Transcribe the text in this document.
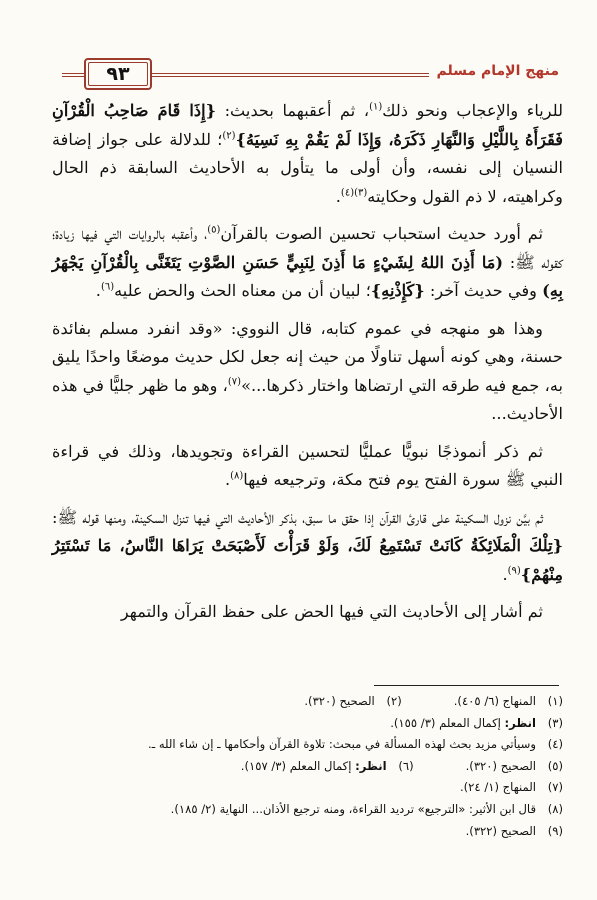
منهج الإمام مسلم
٩٣

للرياء والإعجاب ونحو ذلك$^{(١)}$، ثم أعقبهما بحديث: {إِذَا قَامَ صَاحِبُ الْقُرْآنِ فَقَرَأَهُ بِاللَّيْلِ وَالنَّهَارِ ذَكَرَهُ، وَإِذَا لَمْ يَقُمْ بِهِ نَسِيَهُ}$^{(٢)}$؛ للدلالة على جواز إضافة النسيان إلى نفسه، وأن أولى ما يتأول به الأحاديث السابقة ذم الحال وكراهيته، لا ذم القول وحكايته$^{(٣)(٤)}$.

ثم أورد حديث استحباب تحسين الصوت بالقرآن$^{(٥)}$، وأعقبه بالروايات التي فيها زيادة؛ كقوله ﷺ: (مَا أَذِنَ اللهُ لِشَيْءٍ مَا أَذِنَ لِنَبِيٍّ حَسَنِ الصَّوْتِ يَتَغَنَّى بِالْقُرْآنِ يَجْهَرُ بِهِ) وفي حديث آخر: {كَإِذْنِهِ}؛ لبيان أن من معناه الحث والحض عليه$^{(٦)}$.

وهذا هو منهجه في عموم كتابه، قال النووي: «وقد انفرد مسلم بفائدة حسنة، وهي كونه أسهل تناولًا من حيث إنه جعل لكل حديث موضعًا واحدًا يليق به، جمع فيه طرقه التي ارتضاها واختار ذكرها...»$^{(٧)}$، وهو ما ظهر جليًّا في هذه الأحاديث...

ثم ذكر أنموذجًا نبويًّا عمليًّا لتحسين القراءة وتجويدها، وذلك في قراءة النبي ﷺ سورة الفتح يوم فتح مكة، وترجيعه فيها$^{(٨)}$.

ثم بيَّن نزول السكينة على قارئ القرآن إذا حقق ما سبق، بذكر الأحاديث التي فيها تنزل السكينة، ومنها قوله ﷺ: {تِلْكَ الْمَلَائِكَةُ كَانَتْ تَسْتَمِعُ لَكَ، وَلَوْ قَرَأْتَ لَأَصْبَحَتْ يَرَاهَا النَّاسُ، مَا تَسْتَتِرُ مِنْهُمْ}$^{(٩)}$.

ثم أشار إلى الأحاديث التي فيها الحض على حفظ القرآن والتمهر

(١)
المنهاج (٦/ ٤٠٥).
(٢)
الصحيح (٣٢٠).
(٣)
انظر: إكمال المعلم (٣/ ١٥٥).
(٤)
وسيأتي مزيد بحث لهذه المسألة في مبحث: تلاوة القرآن وأحكامها ـ إن شاء الله ـ.
(٥)
الصحيح (٣٢٠).
(٦)
انظر: إكمال المعلم (٣/ ١٥٧).
(٧)
المنهاج (١/ ٢٤).
(٨)
قال ابن الأثير: «الترجيع» ترديد القراءة، ومنه ترجيع الأذان... النهاية (٢/ ١٨٥).
(٩)
الصحيح (٣٢٢).
